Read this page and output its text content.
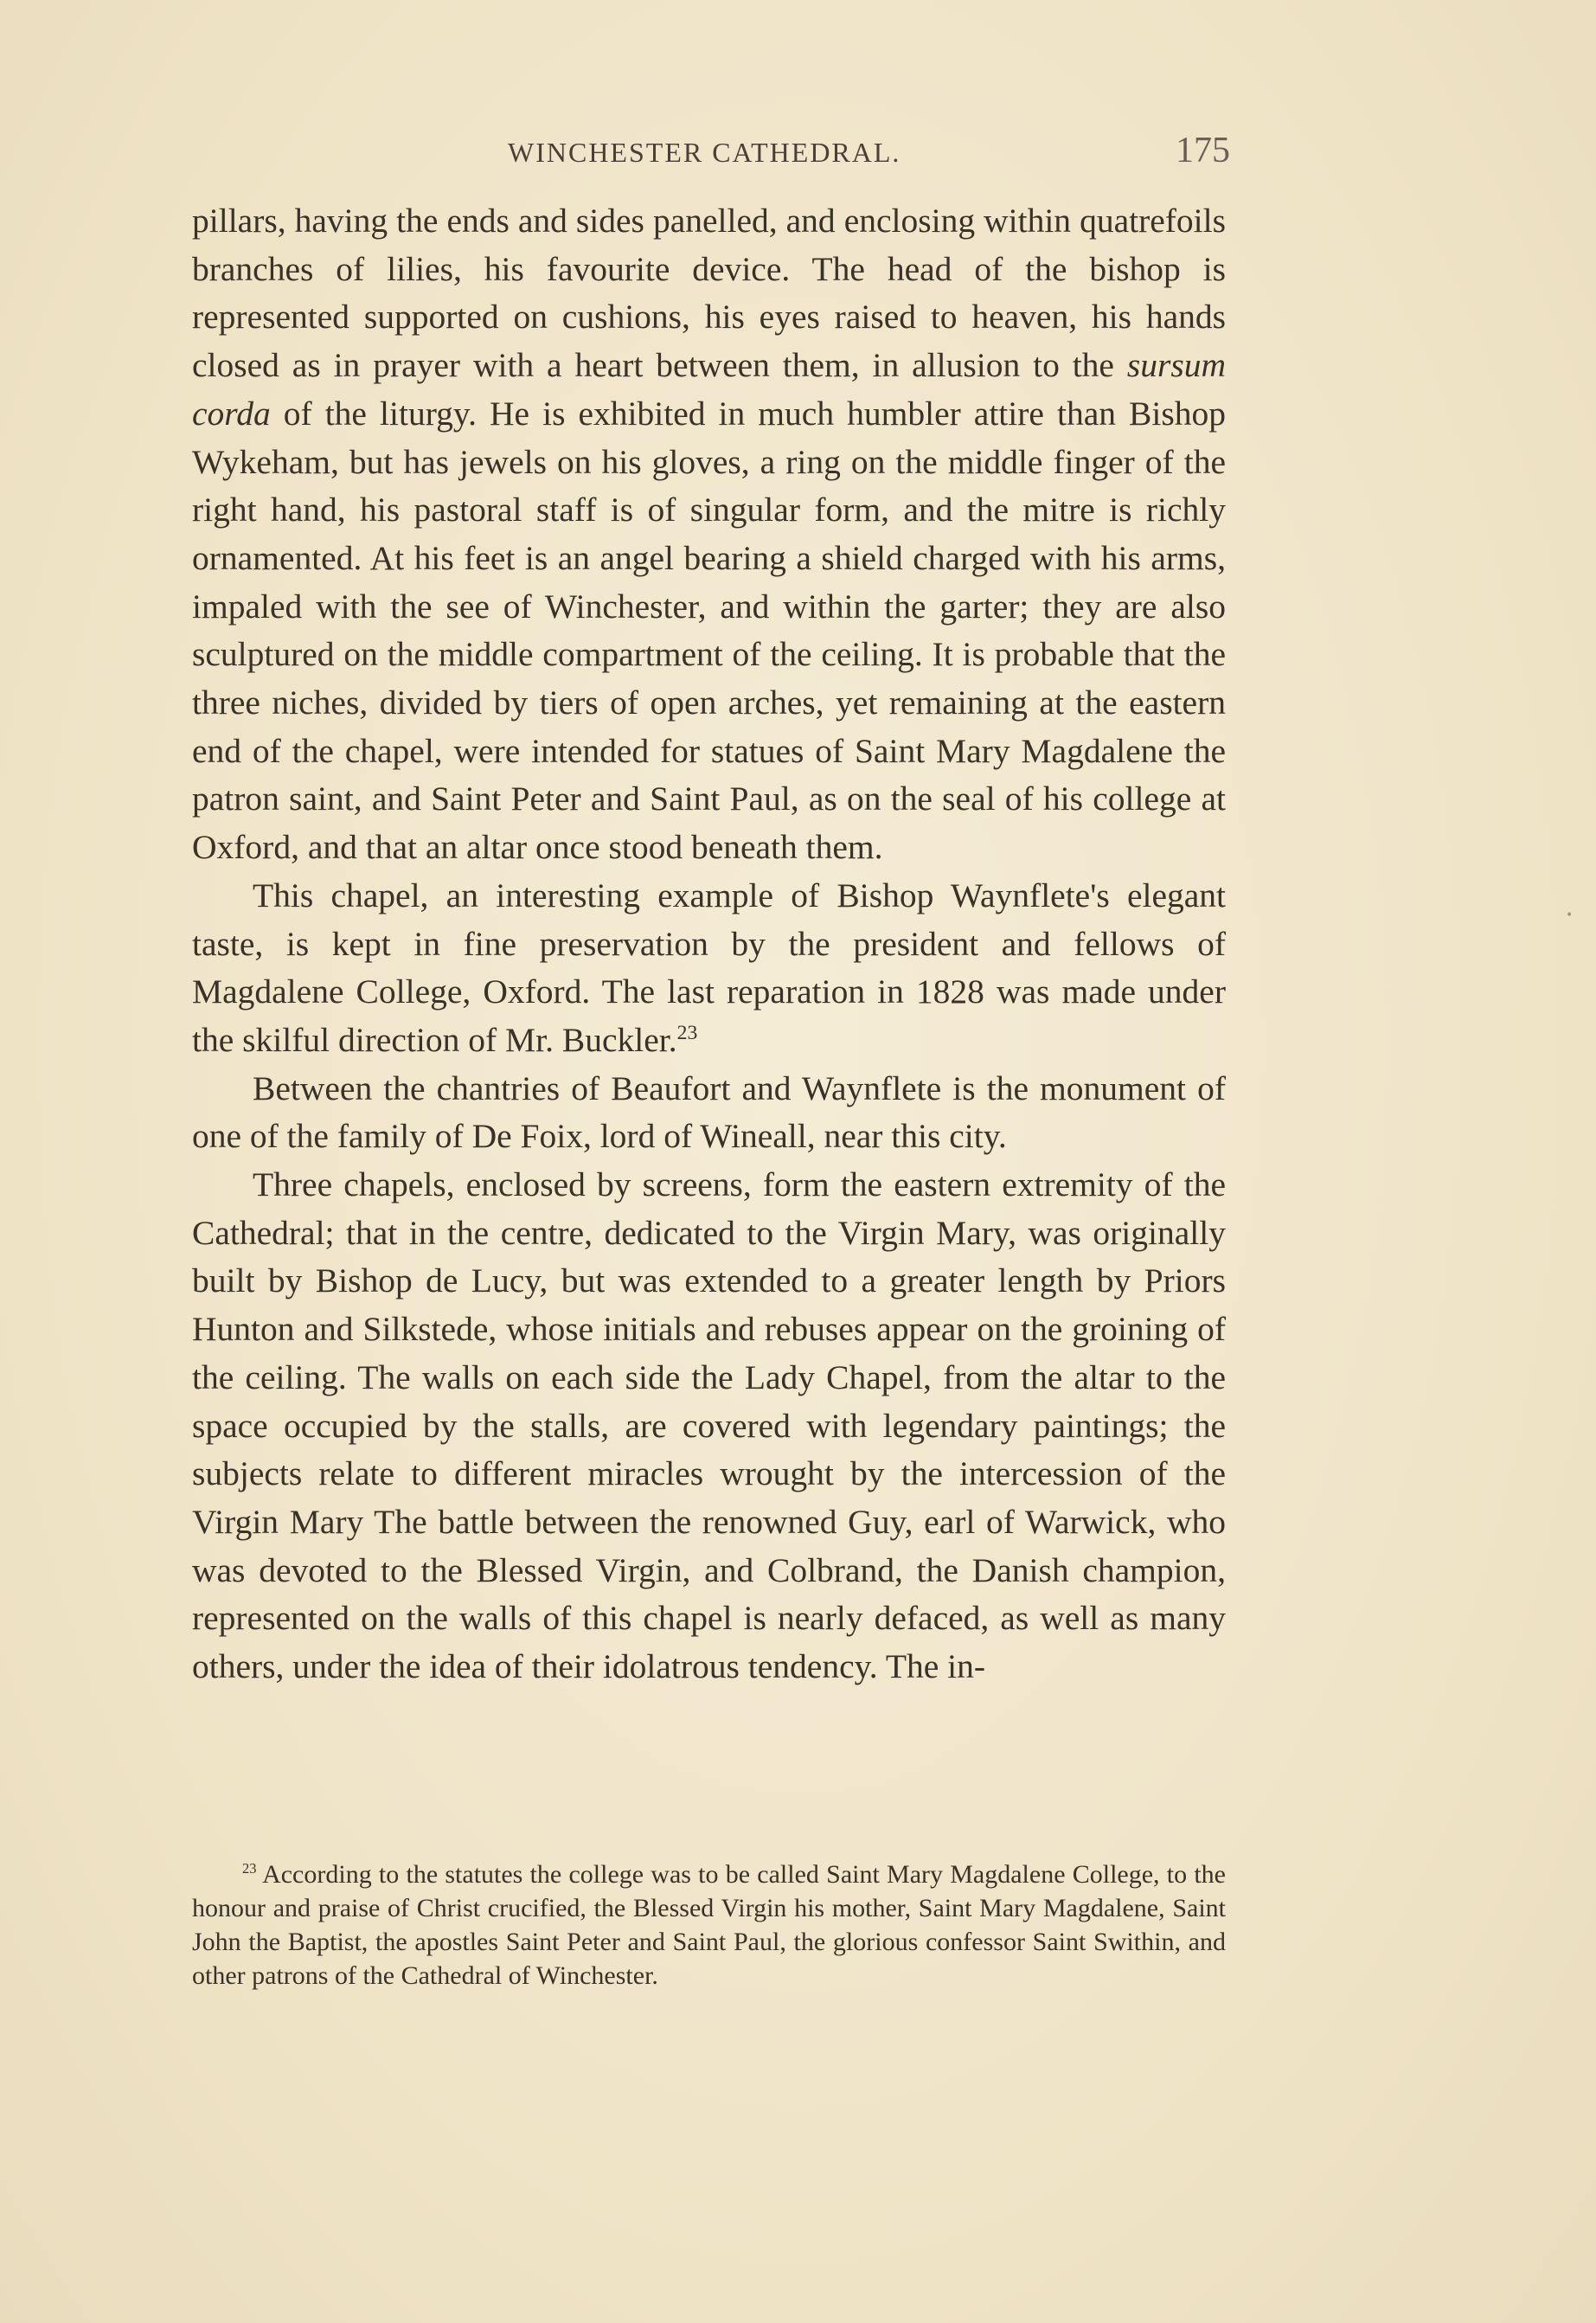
WINCHESTER CATHEDRAL.	175

pillars, having the ends and sides panelled, and enclosing within quatrefoils branches of lilies, his favourite device. The head of the bishop is represented supported on cushions, his eyes raised to heaven, his hands closed as in prayer with a heart between them, in allusion to the sursum corda of the liturgy. He is exhibited in much humbler attire than Bishop Wykeham, but has jewels on his gloves, a ring on the middle finger of the right hand, his pastoral staff is of singular form, and the mitre is richly ornamented. At his feet is an angel bearing a shield charged with his arms, impaled with the see of Winchester, and within the garter; they are also sculptured on the middle compartment of the ceiling. It is probable that the three niches, divided by tiers of open arches, yet remaining at the eastern end of the chapel, were intended for statues of Saint Mary Magdalene the patron saint, and Saint Peter and Saint Paul, as on the seal of his college at Oxford, and that an altar once stood beneath them.

This chapel, an interesting example of Bishop Waynflete's elegant taste, is kept in fine preservation by the president and fellows of Magdalene College, Oxford. The last reparation in 1828 was made under the skilful direction of Mr. Buckler.$^{23}$

Between the chantries of Beaufort and Waynflete is the monument of one of the family of De Foix, lord of Wineall, near this city.

Three chapels, enclosed by screens, form the eastern extremity of the Cathedral; that in the centre, dedicated to the Virgin Mary, was originally built by Bishop de Lucy, but was extended to a greater length by Priors Hunton and Silkstede, whose initials and rebuses appear on the groining of the ceiling. The walls on each side the Lady Chapel, from the altar to the space occupied by the stalls, are covered with legendary paintings; the subjects relate to different miracles wrought by the intercession of the Virgin Mary The battle between the renowned Guy, earl of Warwick, who was devoted to the Blessed Virgin, and Colbrand, the Danish champion, represented on the walls of this chapel is nearly defaced, as well as many others, under the idea of their idolatrous tendency. The in-

$^{23}$ According to the statutes the college was to be called Saint Mary Magdalene College, to the honour and praise of Christ crucified, the Blessed Virgin his mother, Saint Mary Magdalene, Saint John the Baptist, the apostles Saint Peter and Saint Paul, the glorious confessor Saint Swithin, and other patrons of the Cathedral of Winchester.

•
